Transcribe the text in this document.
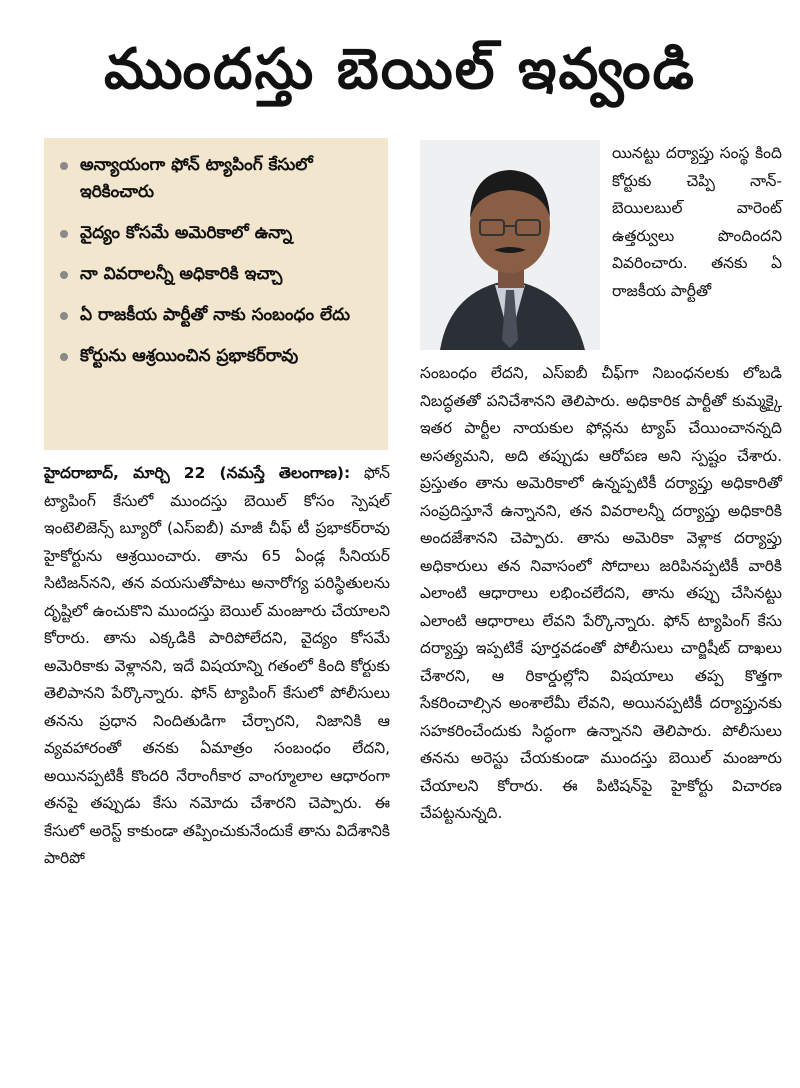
ముందస్తు బెయిల్ ఇవ్వండి
అన్యాయంగా ఫోన్ ట్యాపింగ్ కేసులో ఇరికించారు
వైద్యం కోసమే అమెరికాలో ఉన్నా
నా వివరాలన్నీ అధికారికి ఇచ్చా
ఏ రాజకీయ పార్టీతో నాకు సంబంధం లేదు
కోర్టును ఆశ్రయించిన ప్రభాకర్‌రావు
యినట్టు దర్యాప్తు సంస్థ కింది కోర్టుకు చెప్పి నాన్-బెయిలబుల్ వారెంట్ ఉత్తర్వులు పొందిందని వివరించారు. తనకు ఏ రాజకీయ పార్టీతో
హైదరాబాద్, మార్చి 22 (నమస్తే తెలంగాణ): ఫోన్ ట్యాపింగ్ కేసులో ముందస్తు బెయిల్ కోసం స్పెషల్ ఇంటెలిజెన్స్ బ్యూరో (ఎస్ఐబీ) మాజీ చీఫ్ టీ ప్రభాకర్‌రావు హైకోర్టును ఆశ్రయించారు. తాను 65 ఏండ్ల సీనియర్ సిటిజన్‌నని, తన వయసుతోపాటు అనారోగ్య పరిస్థితులను దృష్టిలో ఉంచుకొని ముందస్తు బెయిల్ మంజూరు చేయాలని కోరారు. తాను ఎక్కడికి పారిపోలేదని, వైద్యం కోసమే అమెరికాకు వెళ్లానని, ఇదే విషయాన్ని గతంలో కింది కోర్టుకు తెలిపానని పేర్కొన్నారు. ఫోన్ ట్యాపింగ్ కేసులో పోలీసులు తనను ప్రధాన నిందితుడిగా చేర్చారని, నిజానికి ఆ వ్యవహారంతో తనకు ఏమాత్రం సంబంధం లేదని, అయినప్పటికీ కొందరి నేరాంగీకార వాంగ్మూలాల ఆధారంగా తనపై తప్పుడు కేసు నమోదు చేశారని చెప్పారు. ఈ కేసులో అరెస్ట్ కాకుండా తప్పించుకునేందుకే తాను విదేశానికి పారిపో
సంబంధం లేదని, ఎస్ఐబీ చీఫ్‌గా నిబంధనలకు లోబడి నిబద్ధతతో పనిచేశానని తెలిపారు. అధికారిక పార్టీతో కుమ్మక్కై ఇతర పార్టీల నాయకుల ఫోన్లను ట్యాప్ చేయించానన్నది అసత్యమని, అది తప్పుడు ఆరోపణ అని స్పష్టం చేశారు. ప్రస్తుతం తాను అమెరికాలో ఉన్నప్పటికీ దర్యాప్తు అధికారితో సంప్రదిస్తూనే ఉన్నానని, తన వివరాలన్నీ దర్యాప్తు అధికారికి అందజేశానని చెప్పారు. తాను అమెరికా వెళ్లాక దర్యాప్తు అధికారులు తన నివాసంలో సోదాలు జరిపినప్పటికీ వారికి ఎలాంటి ఆధారాలు లభించలేదని, తాను తప్పు చేసినట్టు ఎలాంటి ఆధారాలు లేవని పేర్కొన్నారు. ఫోన్ ట్యాపింగ్ కేసు దర్యాప్తు ఇప్పటికే పూర్తవడంతో పోలీసులు చార్జిషీట్ దాఖలు చేశారని, ఆ రికార్డుల్లోని విషయాలు తప్ప కొత్తగా సేకరించాల్సిన అంశాలేమీ లేవని, అయినప్పటికీ దర్యాప్తునకు సహకరించేందుకు సిద్ధంగా ఉన్నానని తెలిపారు. పోలీసులు తనను అరెస్టు చేయకుండా ముందస్తు బెయిల్ మంజూరు చేయాలని కోరారు. ఈ పిటిషన్‌పై హైకోర్టు విచారణ చేపట్టనున్నది.
